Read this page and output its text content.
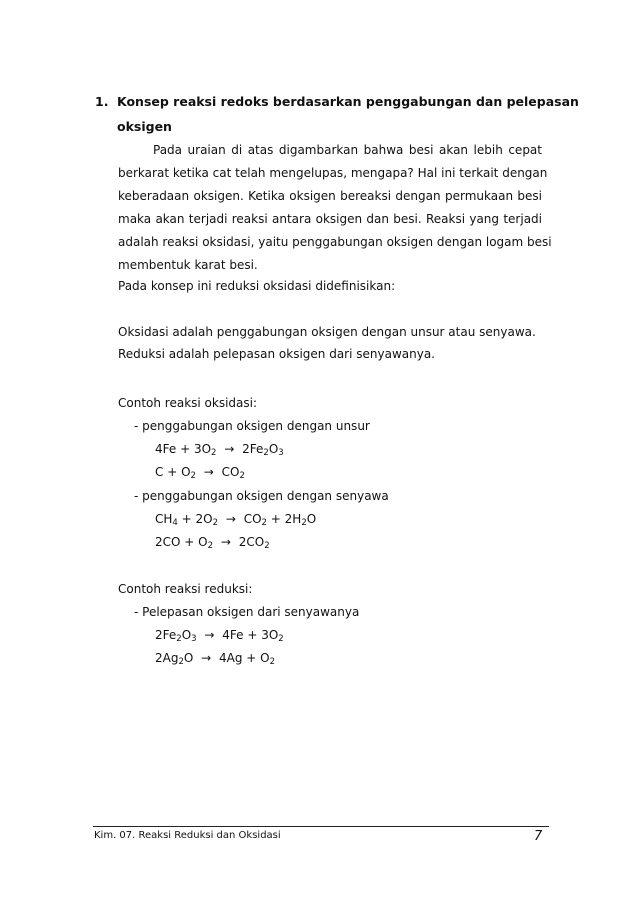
1. Konsep reaksi redoks berdasarkan penggabungan dan pelepasan
oksigen
Pada uraian di atas digambarkan bahwa besi akan lebih cepat
berkarat ketika cat telah mengelupas, mengapa? Hal ini terkait dengan
keberadaan oksigen. Ketika oksigen bereaksi dengan permukaan besi
maka akan terjadi reaksi antara oksigen dan besi. Reaksi yang terjadi
adalah reaksi oksidasi, yaitu penggabungan oksigen dengan logam besi
membentuk karat besi.
Pada konsep ini reduksi oksidasi didefinisikan:
Oksidasi adalah penggabungan oksigen dengan unsur atau senyawa.
Reduksi adalah pelepasan oksigen dari senyawanya.
Contoh reaksi oksidasi:
- penggabungan oksigen dengan unsur
$4Fe + 3O_2 \to 2Fe_2O_3$
$C + O_2 \to CO_2$
- penggabungan oksigen dengan senyawa
$CH_4 + 2O_2 \to CO_2 + 2H_2O$
$2CO + O_2 \to 2CO_2$
Contoh reaksi reduksi:
- Pelepasan oksigen dari senyawanya
$2Fe_2O_3 \to 4Fe + 3O_2$
$2Ag_2O \to 4Ag + O_2$
Kim. 07. Reaksi Reduksi dan Oksidasi	7
